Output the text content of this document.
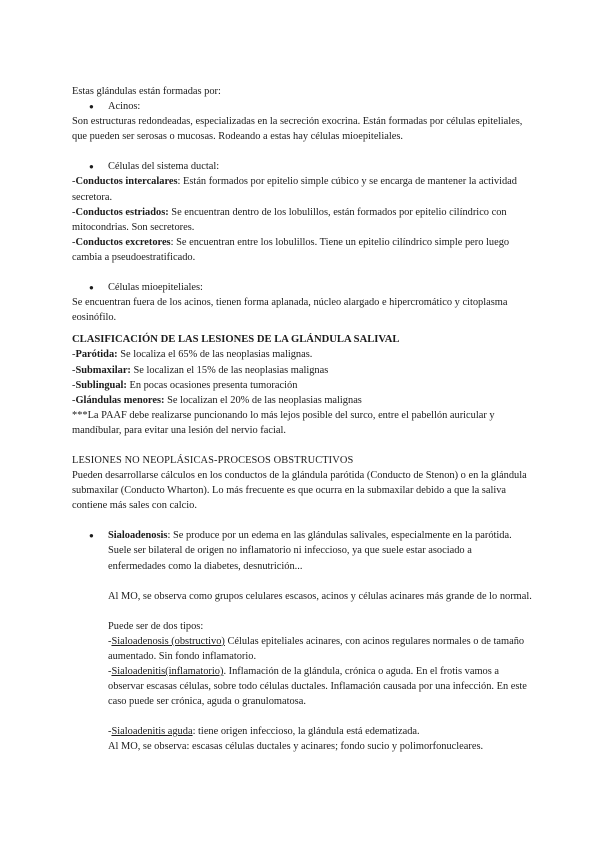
Estas glándulas están formadas por:

● Acinos:

Son estructuras redondeadas, especializadas en la secreción exocrina. Están formadas por células epiteliales, que pueden ser serosas o mucosas. Rodeando a estas hay células mioepiteliales.

● Células del sistema ductal:

-Conductos intercalares: Están formados por epitelio simple cúbico y se encarga de mantener la actividad secretora.

-Conductos estriados: Se encuentran dentro de los lobulillos, están formados por epitelio cilíndrico con mitocondrias. Son secretores.

-Conductos excretores: Se encuentran entre los lobulillos. Tiene un epitelio cilíndrico simple pero luego cambia a pseudoestratificado.

● Células mioepiteliales:

Se encuentran fuera de los acinos, tienen forma aplanada, núcleo alargado e hipercromático y citoplasma eosinófilo.

CLASIFICACIÓN DE LAS LESIONES DE LA GLÁNDULA SALIVAL

-Parótida: Se localiza el 65% de las neoplasias malignas.

-Submaxilar: Se localizan el 15% de las neoplasias malignas

-Sublingual: En pocas ocasiones presenta tumoración

-Glándulas menores: Se localizan el 20% de las neoplasias malignas

***La PAAF debe realizarse puncionando lo más lejos posible del surco, entre el pabellón auricular y mandíbular, para evitar una lesión del nervio facial.

LESIONES NO NEOPLÁSICAS-PROCESOS OBSTRUCTIVOS

Pueden desarrollarse cálculos en los conductos de la glándula parótida (Conducto de Stenon) o en la glándula submaxilar (Conducto Wharton). Lo más frecuente es que ocurra en la submaxilar debido a que la saliva contiene más sales con calcio.

● Sialoadenosis: Se produce por un edema en las glándulas salivales, especialmente en la parótida. Suele ser bilateral de origen no inflamatorio ni infeccioso, ya que suele estar asociado a enfermedades como la diabetes, desnutrición...

Al MO, se observa como grupos celulares escasos, acinos y células acinares más grande de lo normal.

Puede ser de dos tipos:

-Sialoadenosis (obstructivo) Células epiteliales acinares, con acinos regulares normales o de tamaño aumentado. Sin fondo inflamatorio.

-Sialoadenitis(inflamatorio). Inflamación de la glándula, crónica o aguda. En el frotis vamos a observar escasas células, sobre todo células ductales. Inflamación causada por una infección. En este caso puede ser crónica, aguda o granulomatosa.

-Sialoadenitis aguda: tiene origen infeccioso, la glándula está edematizada.

Al MO, se observa: escasas células ductales y acinares; fondo sucio y polimorfonucleares.
